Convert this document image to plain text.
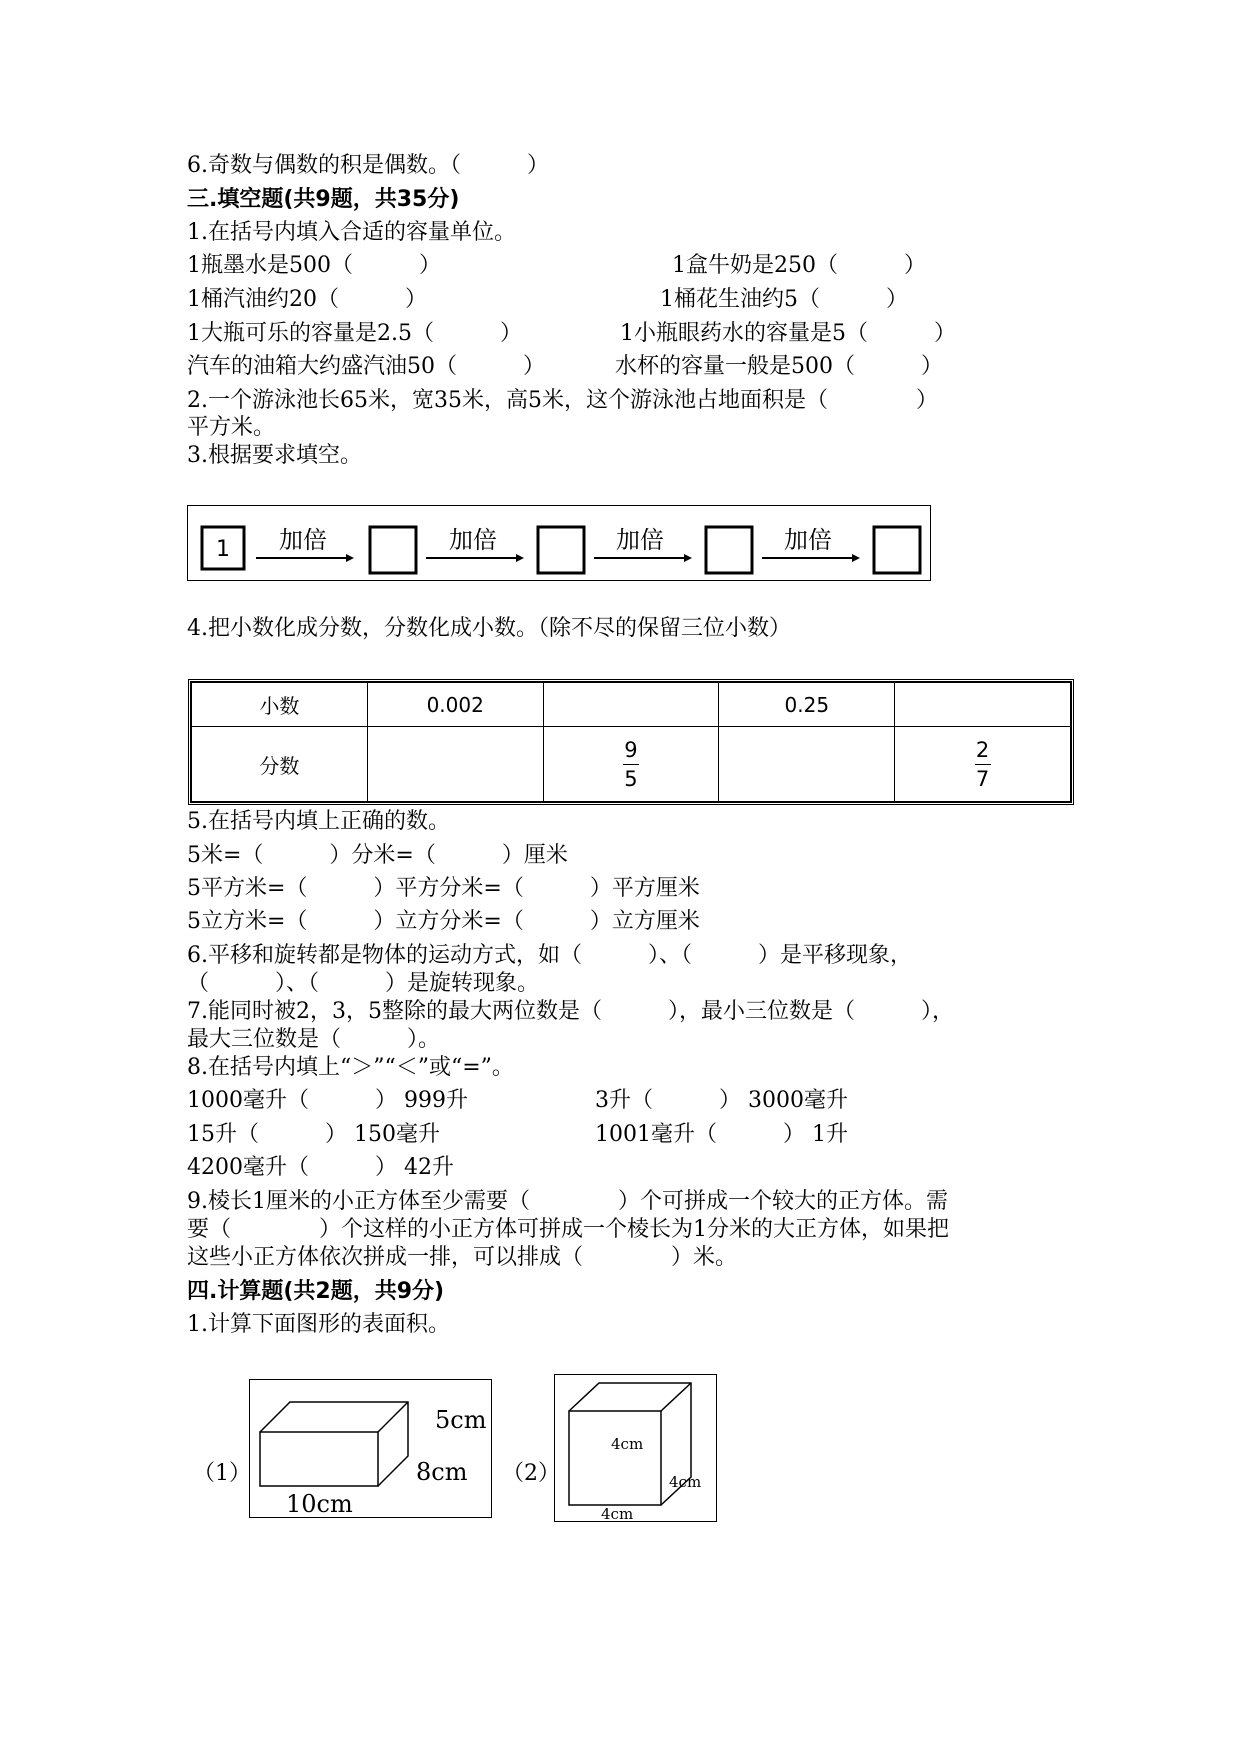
6.奇数与偶数的积是偶数。（　　　）
三.填空题(共9题，共35分)
1.在括号内填入合适的容量单位。
1瓶墨水是500（　　　）	1盒牛奶是250（　　　）
1桶汽油约20（　　　）	1桶花生油约5（　　　）
1大瓶可乐的容量是2.5（　　　）	1小瓶眼药水的容量是5（　　　）
汽车的油箱大约盛汽油50（　　　）	水杯的容量一般是500（　　　）
2.一个游泳池长65米，宽35米，高5米，这个游泳池占地面积是（　　　　）
平方米。
3.根据要求填空。
1 加倍	加倍	加倍	加倍
4.把小数化成分数，分数化成小数。（除不尽的保留三位小数）
小数	0.002		0.25	
分数		$\frac{9}{5}$		$\frac{2}{7}$
5.在括号内填上正确的数。
5米=（　　　）分米=（　　　）厘米
5平方米=（　　　）平方分米=（　　　）平方厘米
5立方米=（　　　）立方分米=（　　　）立方厘米
6.平移和旋转都是物体的运动方式，如（　　　）、（　　　）是平移现象，
（　　　）、（　　　）是旋转现象。
7.能同时被2，3，5整除的最大两位数是（　　　），最小三位数是（　　　），
最大三位数是（　　　）。
8.在括号内填上“＞”“＜”或“=”。
1000毫升（　　　） 999升	3升（　　　） 3000毫升
15升（　　　） 150毫升	1001毫升（　　　） 1升
4200毫升（　　　） 42升
9.棱长1厘米的小正方体至少需要（　　　　）个可拼成一个较大的正方体。需
要（　　　　）个这样的小正方体可拼成一个棱长为1分米的大正方体，如果把
这些小正方体依次拼成一排，可以排成（　　　　）米。
四.计算题(共2题，共9分)
1.计算下面图形的表面积。
（1）
5cm
8cm
10cm
（2）
4cm
4cm
4cm
